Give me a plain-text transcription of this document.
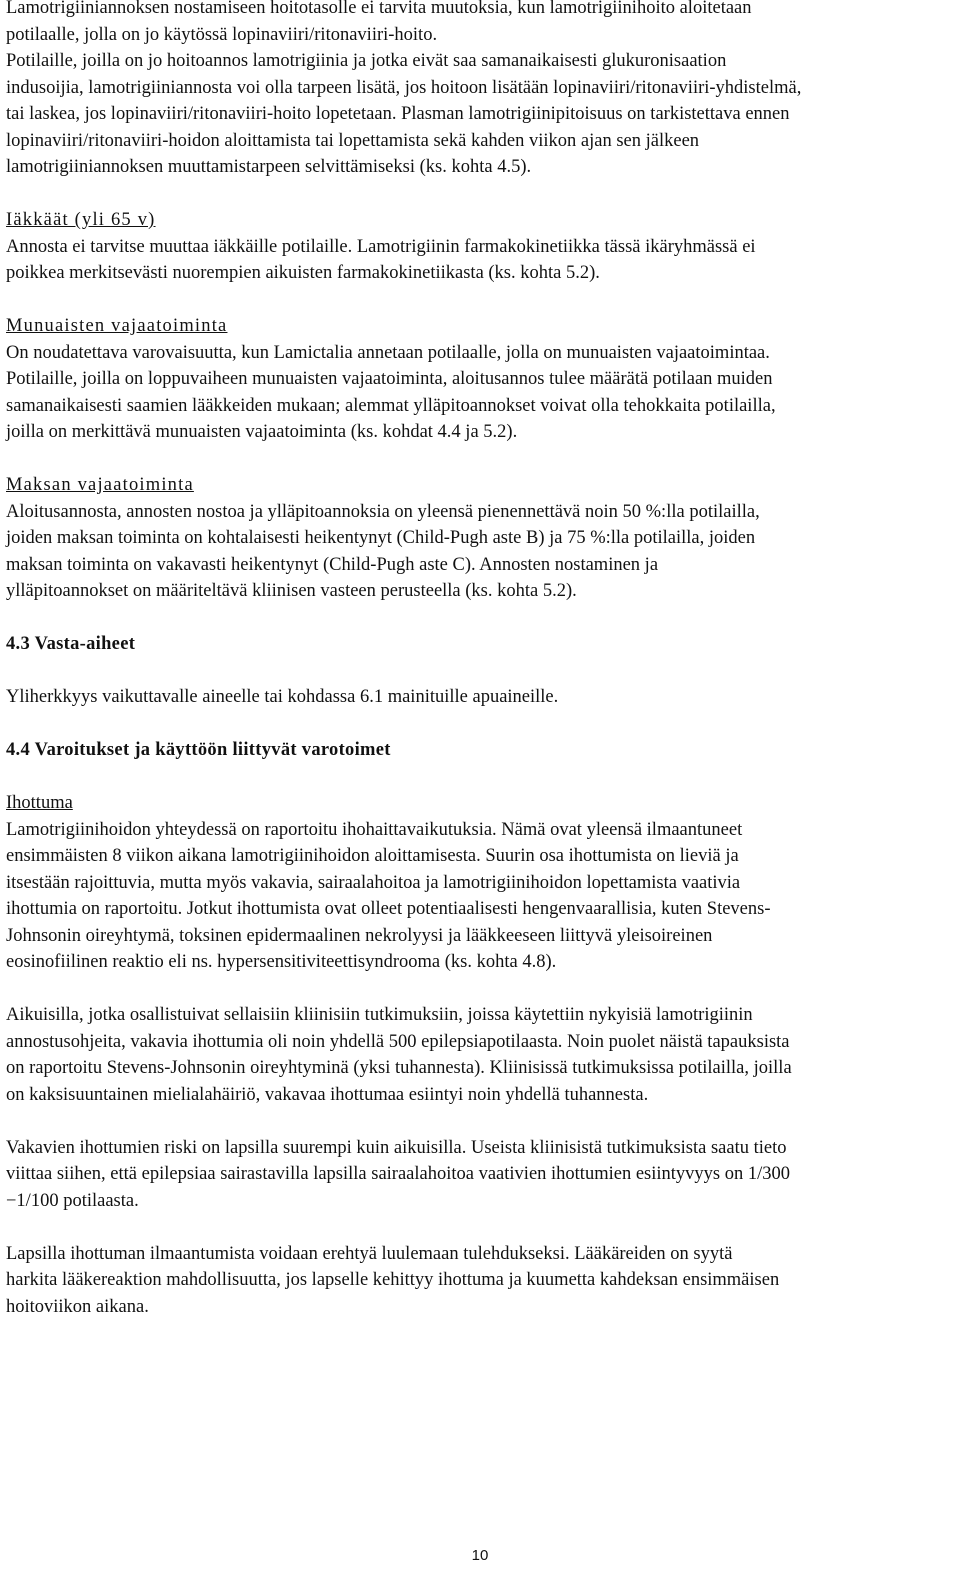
Lamotrigiiniannoksen nostamiseen hoitotasolle ei tarvita muutoksia, kun lamotrigiinihoito aloitetaan

potilaalle, jolla on jo käytössä lopinaviiri/ritonaviiri-hoito.

Potilaille, joilla on jo hoitoannos lamotrigiinia ja jotka eivät saa samanaikaisesti glukuronisaation

indusoijia, lamotrigiiniannosta voi olla tarpeen lisätä, jos hoitoon lisätään lopinaviiri/ritonaviiri-yhdistelmä,

tai laskea, jos lopinaviiri/ritonaviiri-hoito lopetetaan. Plasman lamotrigiinipitoisuus on tarkistettava ennen

lopinaviiri/ritonaviiri-hoidon aloittamista tai lopettamista sekä kahden viikon ajan sen jälkeen

lamotrigiiniannoksen muuttamistarpeen selvittämiseksi (ks. kohta 4.5).

Iäkkäät (yli 65 v)

Annosta ei tarvitse muuttaa iäkkäille potilaille. Lamotrigiinin farmakokinetiikka tässä ikäryhmässä ei

poikkea merkitsevästi nuorempien aikuisten farmakokinetiikasta (ks. kohta 5.2).

Munuaisten vajaatoiminta

On noudatettava varovaisuutta, kun Lamictalia annetaan potilaalle, jolla on munuaisten vajaatoimintaa.

Potilaille, joilla on loppuvaiheen munuaisten vajaatoiminta, aloitusannos tulee määrätä potilaan muiden

samanaikaisesti saamien lääkkeiden mukaan; alemmat ylläpitoannokset voivat olla tehokkaita potilailla,

joilla on merkittävä munuaisten vajaatoiminta (ks. kohdat 4.4 ja 5.2).

Maksan vajaatoiminta

Aloitusannosta, annosten nostoa ja ylläpitoannoksia on yleensä pienennettävä noin 50 %:lla potilailla,

joiden maksan toiminta on kohtalaisesti heikentynyt (Child-Pugh aste B) ja 75 %:lla potilailla, joiden

maksan toiminta on vakavasti heikentynyt (Child-Pugh aste C). Annosten nostaminen ja

ylläpitoannokset on määriteltävä kliinisen vasteen perusteella (ks. kohta 5.2).

4.3 Vasta-aiheet

Yliherkkyys vaikuttavalle aineelle tai kohdassa 6.1 mainituille apuaineille.

4.4 Varoitukset ja käyttöön liittyvät varotoimet

Ihottuma

Lamotrigiinihoidon yhteydessä on raportoitu ihohaittavaikutuksia. Nämä ovat yleensä ilmaantuneet

ensimmäisten 8 viikon aikana lamotrigiinihoidon aloittamisesta. Suurin osa ihottumista on lieviä ja

itsestään rajoittuvia, mutta myös vakavia, sairaalahoitoa ja lamotrigiinihoidon lopettamista vaativia

ihottumia on raportoitu. Jotkut ihottumista ovat olleet potentiaalisesti hengenvaarallisia, kuten Stevens-

Johnsonin oireyhtymä, toksinen epidermaalinen nekrolyysi ja lääkkeeseen liittyvä yleisoireinen

eosinofiilinen reaktio eli ns. hypersensitiviteettisyndrooma (ks. kohta 4.8).

Aikuisilla, jotka osallistuivat sellaisiin kliinisiin tutkimuksiin, joissa käytettiin nykyisiä lamotrigiinin

annostusohjeita, vakavia ihottumia oli noin yhdellä 500 epilepsiapotilaasta. Noin puolet näistä tapauksista

on raportoitu Stevens-Johnsonin oireyhtyminä (yksi tuhannesta). Kliinisissä tutkimuksissa potilailla, joilla

on kaksisuuntainen mielialahäiriö, vakavaa ihottumaa esiintyi noin yhdellä tuhannesta.

Vakavien ihottumien riski on lapsilla suurempi kuin aikuisilla. Useista kliinisistä tutkimuksista saatu tieto

viittaa siihen, että epilepsiaa sairastavilla lapsilla sairaalahoitoa vaativien ihottumien esiintyvyys on 1/300

−1/100 potilaasta.

Lapsilla ihottuman ilmaantumista voidaan erehtyä luulemaan tulehdukseksi. Lääkäreiden on syytä

harkita lääkereaktion mahdollisuutta, jos lapselle kehittyy ihottuma ja kuumetta kahdeksan ensimmäisen

hoitoviikon aikana.

10
